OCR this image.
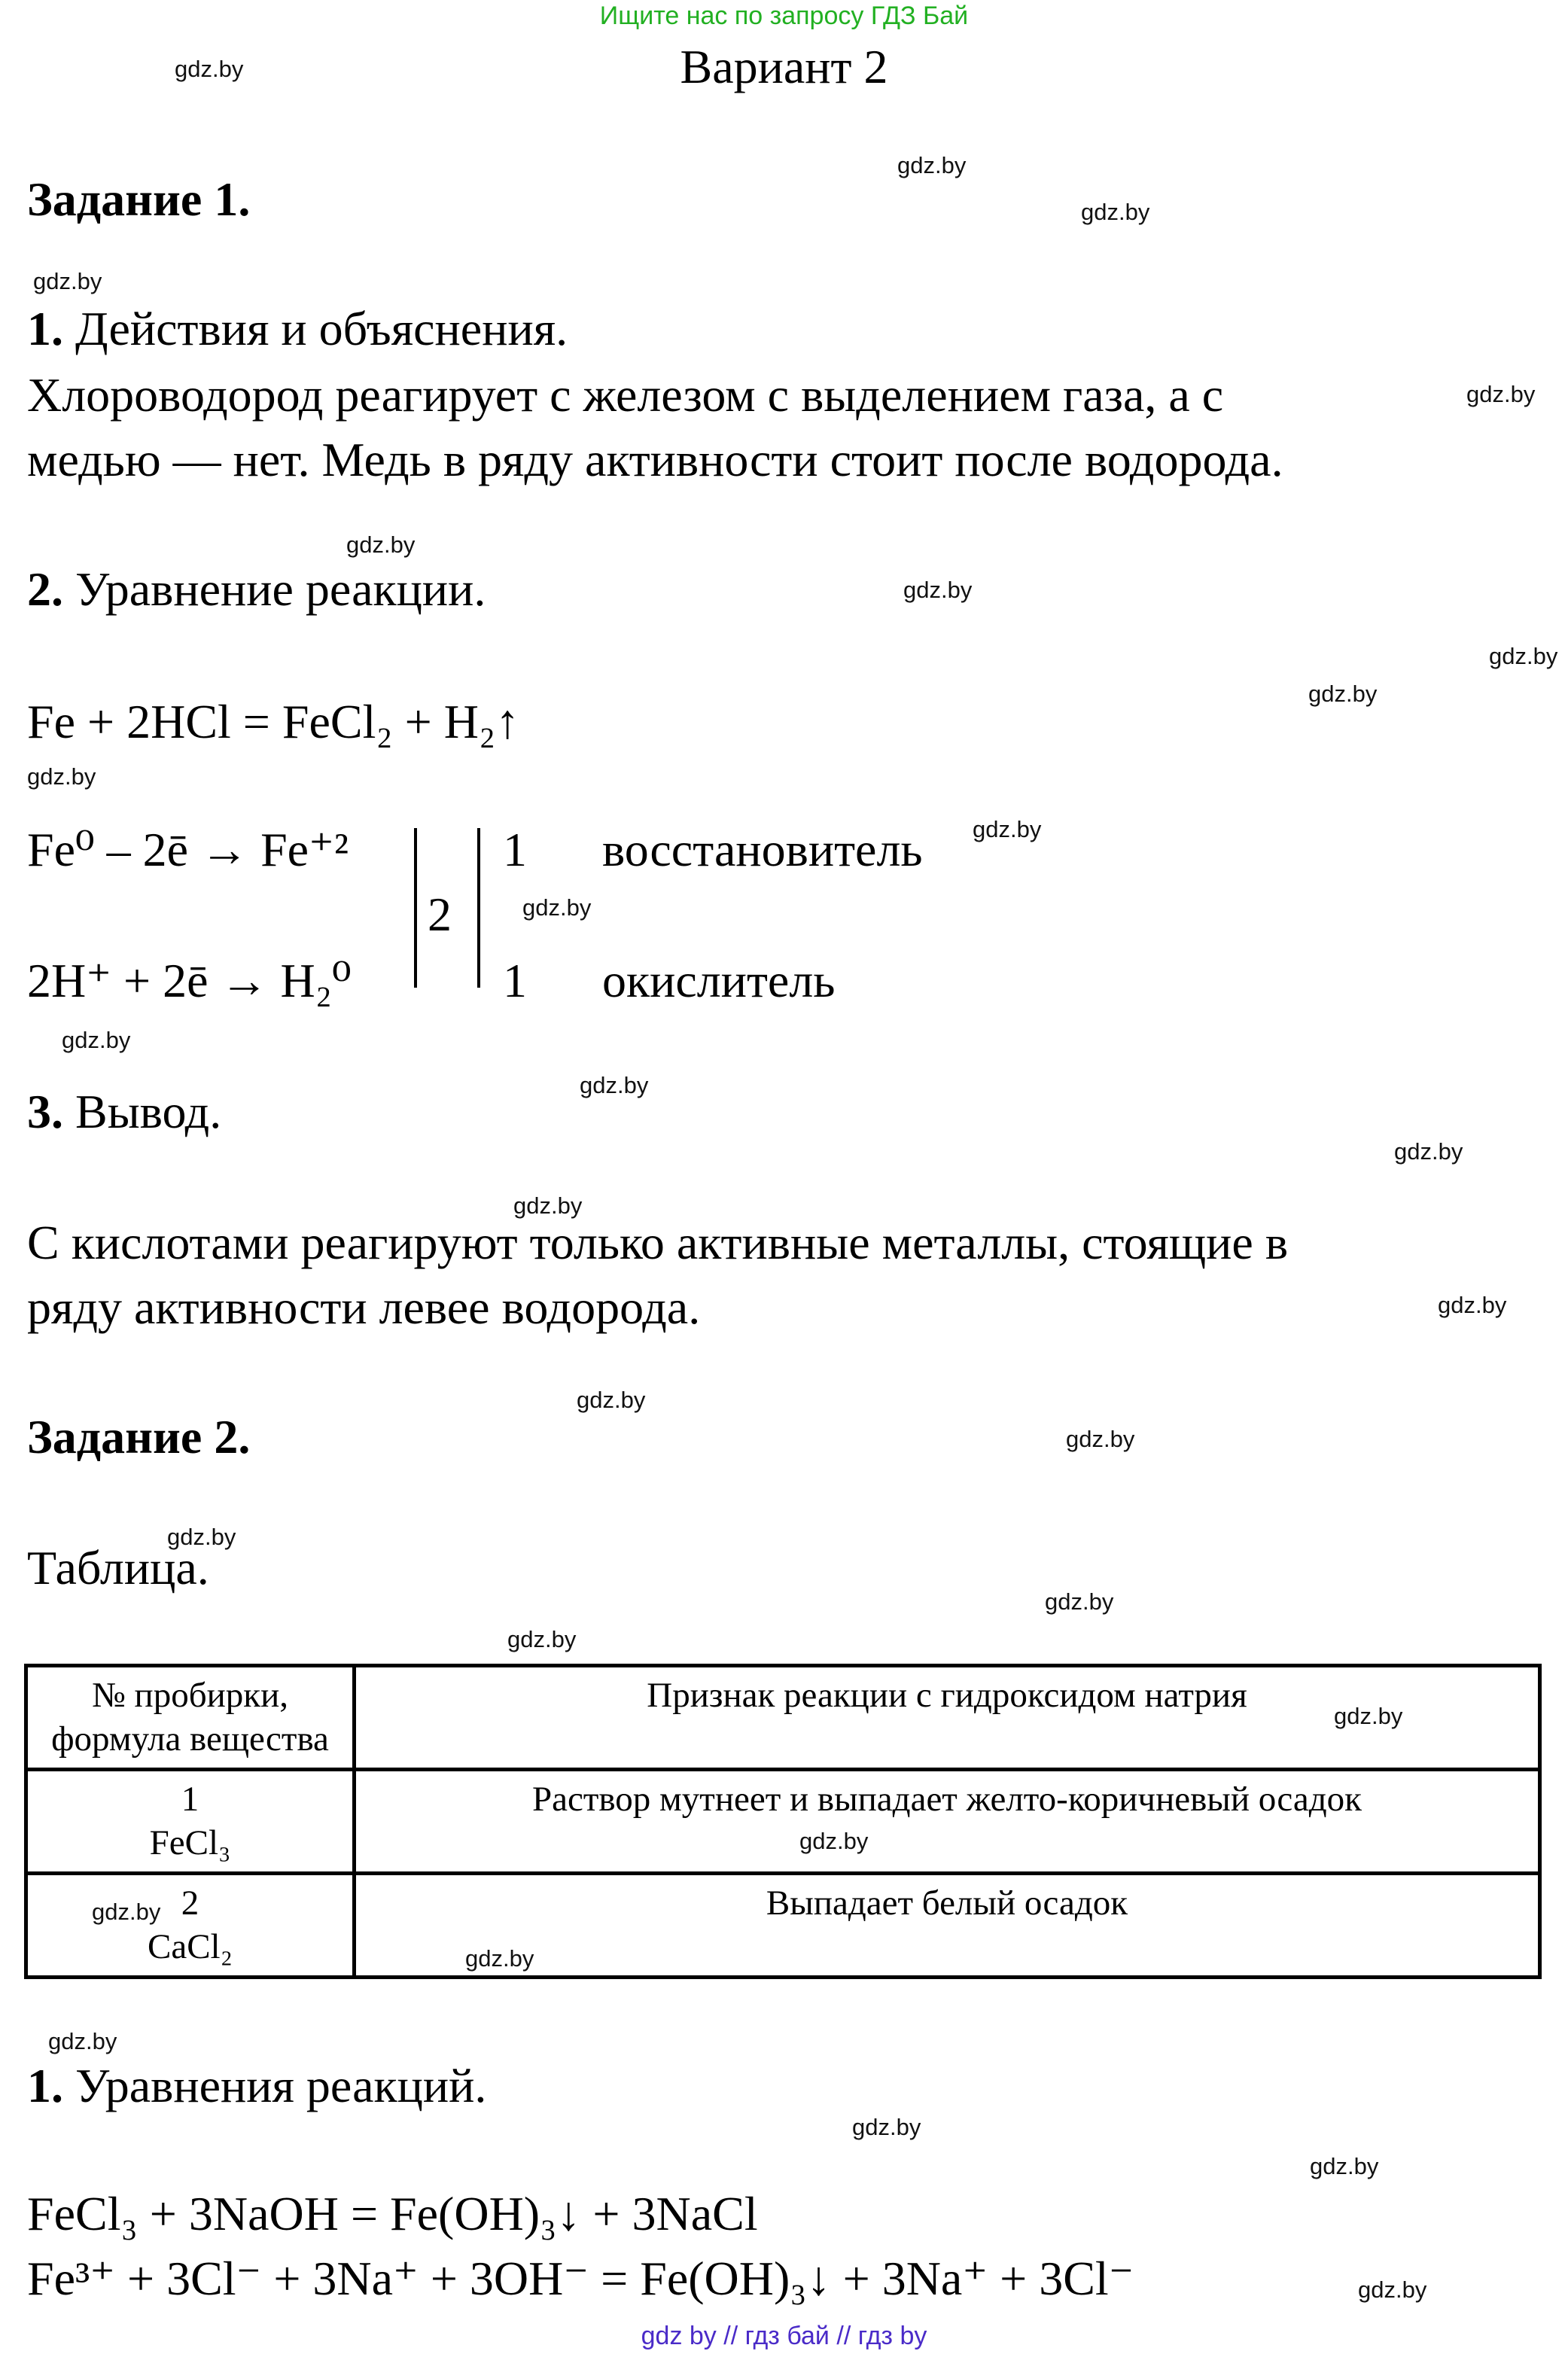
Ищите нас по запросу ГДЗ Бай
Вариант 2
gdz.by
gdz.by
gdz.by
gdz.by
gdz.by
gdz.by
gdz.by
gdz.by
gdz.by
gdz.by
gdz.by
gdz.by
gdz.by
gdz.by
gdz.by
gdz.by
gdz.by
gdz.by
gdz.by
gdz.by
gdz.by
gdz.by
gdz.by
gdz.by
gdz.by
gdz.by
gdz.by
gdz.by
gdz.by
gdz.by
Задание 1.
1. Действия и объяснения.
Хлороводород реагирует с железом с выделением газа, а с
медью — нет. Медь в ряду активности стоит после водорода.
2. Уравнение реакции.
Fe + 2HCl = FeCl₂ + H₂↑
Fe⁰ – 2ē → Fe⁺²	1 восстановитель
2
2H⁺ + 2ē → H₂⁰	1 окислитель
3. Вывод.
С кислотами реагируют только активные металлы, стоящие в
ряду активности левее водорода.
Задание 2.
Таблица.
№ пробирки, формула вещества	Признак реакции с гидроксидом натрия

1
FeCl₃	Раствор мутнеет и выпадает желто-коричневый осадок

2
CaCl₂	Выпадает белый осадок
1. Уравнения реакций.
FeCl₃ + 3NaOH = Fe(OH)₃↓ + 3NaCl
Fe³⁺ + 3Cl⁻ + 3Na⁺ + 3OH⁻ = Fe(OH)₃↓ + 3Na⁺ + 3Cl⁻
gdz by // гдз бай // гдз by
